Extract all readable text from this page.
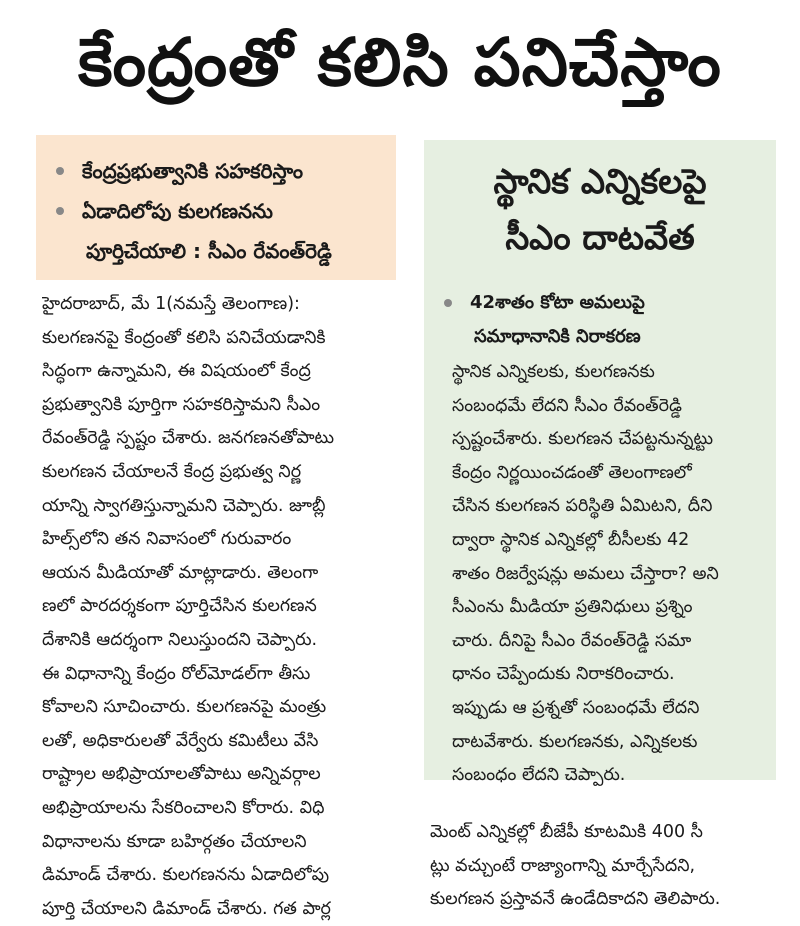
కేంద్రంతో కలిసి పనిచేస్తాం
కేంద్రప్రభుత్వానికి సహకరిస్తాం
ఏడాదిలోపు కులగణనను
పూర్తిచేయాలి : సీఎం రేవంత్‌రెడ్డి
స్థానిక ఎన్నికలపై
సీఎం దాటవేత
42శాతం కోటా అమలుపై
సమాధానానికి నిరాకరణ
హైదరాబాద్, మే 1(నమస్తే తెలంగాణ):
కులగణనపై కేంద్రంతో కలిసి పనిచేయడానికి
సిద్ధంగా ఉన్నామని, ఈ విషయంలో కేంద్ర
ప్రభుత్వానికి పూర్తిగా సహకరిస్తామని సీఎం
రేవంత్‌రెడ్డి స్పష్టం చేశారు. జనగణనతోపాటు
కులగణన చేయాలనే కేంద్ర ప్రభుత్వ నిర్ణ
యాన్ని స్వాగతిస్తున్నామని చెప్పారు. జూబ్లీ
హిల్స్‌లోని తన నివాసంలో గురువారం
ఆయన మీడియాతో మాట్లాడారు. తెలంగా
ణలో పారదర్శకంగా పూర్తిచేసిన కులగణన
దేశానికి ఆదర్శంగా నిలుస్తుందని చెప్పారు.
ఈ విధానాన్ని కేంద్రం రోల్‌మోడల్‌గా తీసు
కోవాలని సూచించారు. కులగణనపై మంత్రు
లతో, అధికారులతో వేర్వేరు కమిటీలు వేసి
రాష్ట్రాల అభిప్రాయాలతోపాటు అన్నివర్గాల
అభిప్రాయాలను సేకరించాలని కోరారు. విధి
విధానాలను కూడా బహిర్గతం చేయాలని
డిమాండ్ చేశారు. కులగణనను ఏడాదిలోపు
పూర్తి చేయాలని డిమాండ్ చేశారు. గత పార్ల
స్థానిక ఎన్నికలకు, కులగణనకు
సంబంధమే లేదని సీఎం రేవంత్‌రెడ్డి
స్పష్టంచేశారు. కులగణన చేపట్టనున్నట్టు
కేంద్రం నిర్ణయించడంతో తెలంగాణలో
చేసిన కులగణన పరిస్థితి ఏమిటని, దీని
ద్వారా స్థానిక ఎన్నికల్లో బీసీలకు 42
శాతం రిజర్వేషన్లు అమలు చేస్తారా? అని
సీఎంను మీడియా ప్రతినిధులు ప్రశ్నిం
చారు. దీనిపై సీఎం రేవంత్‌రెడ్డి సమా
ధానం చెప్పేందుకు నిరాకరించారు.
ఇప్పుడు ఆ ప్రశ్నతో సంబంధమే లేదని
దాటవేశారు. కులగణనకు, ఎన్నికలకు
సంబంధం లేదని చెప్పారు.
మెంట్ ఎన్నికల్లో బీజేపీ కూటమికి 400 సీ
ట్లు వచ్చుంటే రాజ్యాంగాన్ని మార్చేసేదని,
కులగణన ప్రస్తావనే ఉండేదికాదని తెలిపారు.
